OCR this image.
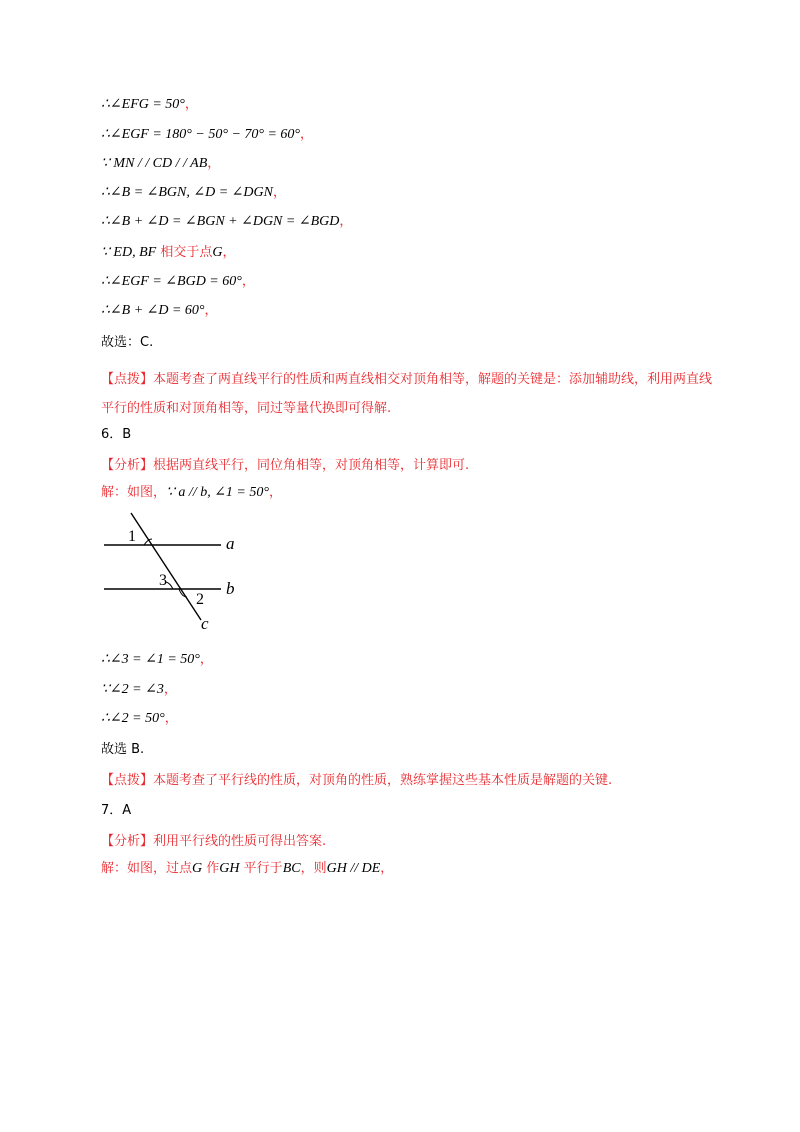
∴∠EFG = 50°，
∴∠EGF = 180° − 50° − 70° = 60°，
∵ MN / / CD / / AB，
∴∠B = ∠BGN, ∠D = ∠DGN，
∴∠B + ∠D = ∠BGN + ∠DGN = ∠BGD，
∵ ED, BF 相交于点G，
∴∠EGF = ∠BGD = 60°，
∴∠B + ∠D = 60°，
故选：C.
【点拨】本题考查了两直线平行的性质和两直线相交对顶角相等，解题的关键是：添加辅助线，利用两直线平行的性质和对顶角相等，同过等量代换即可得解.
6．B
【分析】根据两直线平行，同位角相等，对顶角相等，计算即可.
解：如图，∵ a // b, ∠1 = 50°，
1
3
2
a
b
c
∴∠3 = ∠1 = 50°，
∵∠2 = ∠3，
∴∠2 = 50°，
故选 B.
【点拨】本题考查了平行线的性质，对顶角的性质，熟练掌握这些基本性质是解题的关键.
7．A
【分析】利用平行线的性质可得出答案.
解：如图，过点G 作GH 平行于BC，则GH // DE，
